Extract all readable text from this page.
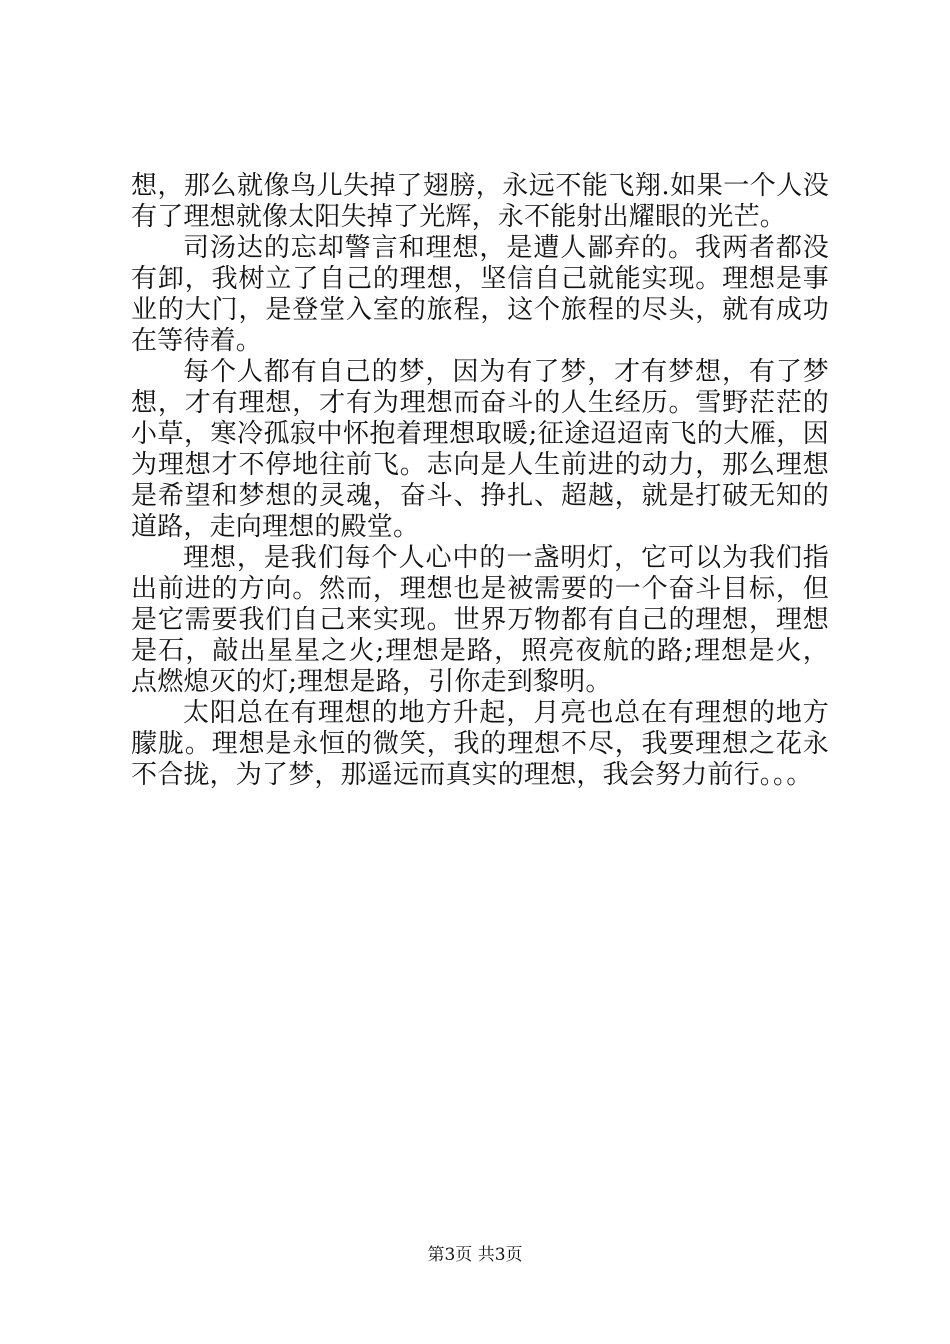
想，那么就像鸟儿失掉了翅膀，永远不能飞翔.如果一个人没有了理想就像太阳失掉了光辉，永不能射出耀眼的光芒。

司汤达的忘却警言和理想，是遭人鄙弃的。我两者都没有卸，我树立了自己的理想，坚信自己就能实现。理想是事业的大门，是登堂入室的旅程，这个旅程的尽头，就有成功在等待着。

每个人都有自己的梦，因为有了梦，才有梦想，有了梦想，才有理想，才有为理想而奋斗的人生经历。雪野茫茫的小草，寒冷孤寂中怀抱着理想取暖;征途迢迢南飞的大雁，因为理想才不停地往前飞。志向是人生前进的动力，那么理想是希望和梦想的灵魂，奋斗、挣扎、超越，就是打破无知的道路，走向理想的殿堂。

理想，是我们每个人心中的一盏明灯，它可以为我们指出前进的方向。然而，理想也是被需要的一个奋斗目标，但是它需要我们自己来实现。世界万物都有自己的理想，理想是石，敲出星星之火;理想是路，照亮夜航的路;理想是火，点燃熄灭的灯;理想是路，引你走到黎明。

太阳总在有理想的地方升起，月亮也总在有理想的地方朦胧。理想是永恒的微笑，我的理想不尽，我要理想之花永不合拢，为了梦，那遥远而真实的理想，我会努力前行。。。

第3页 共3页
